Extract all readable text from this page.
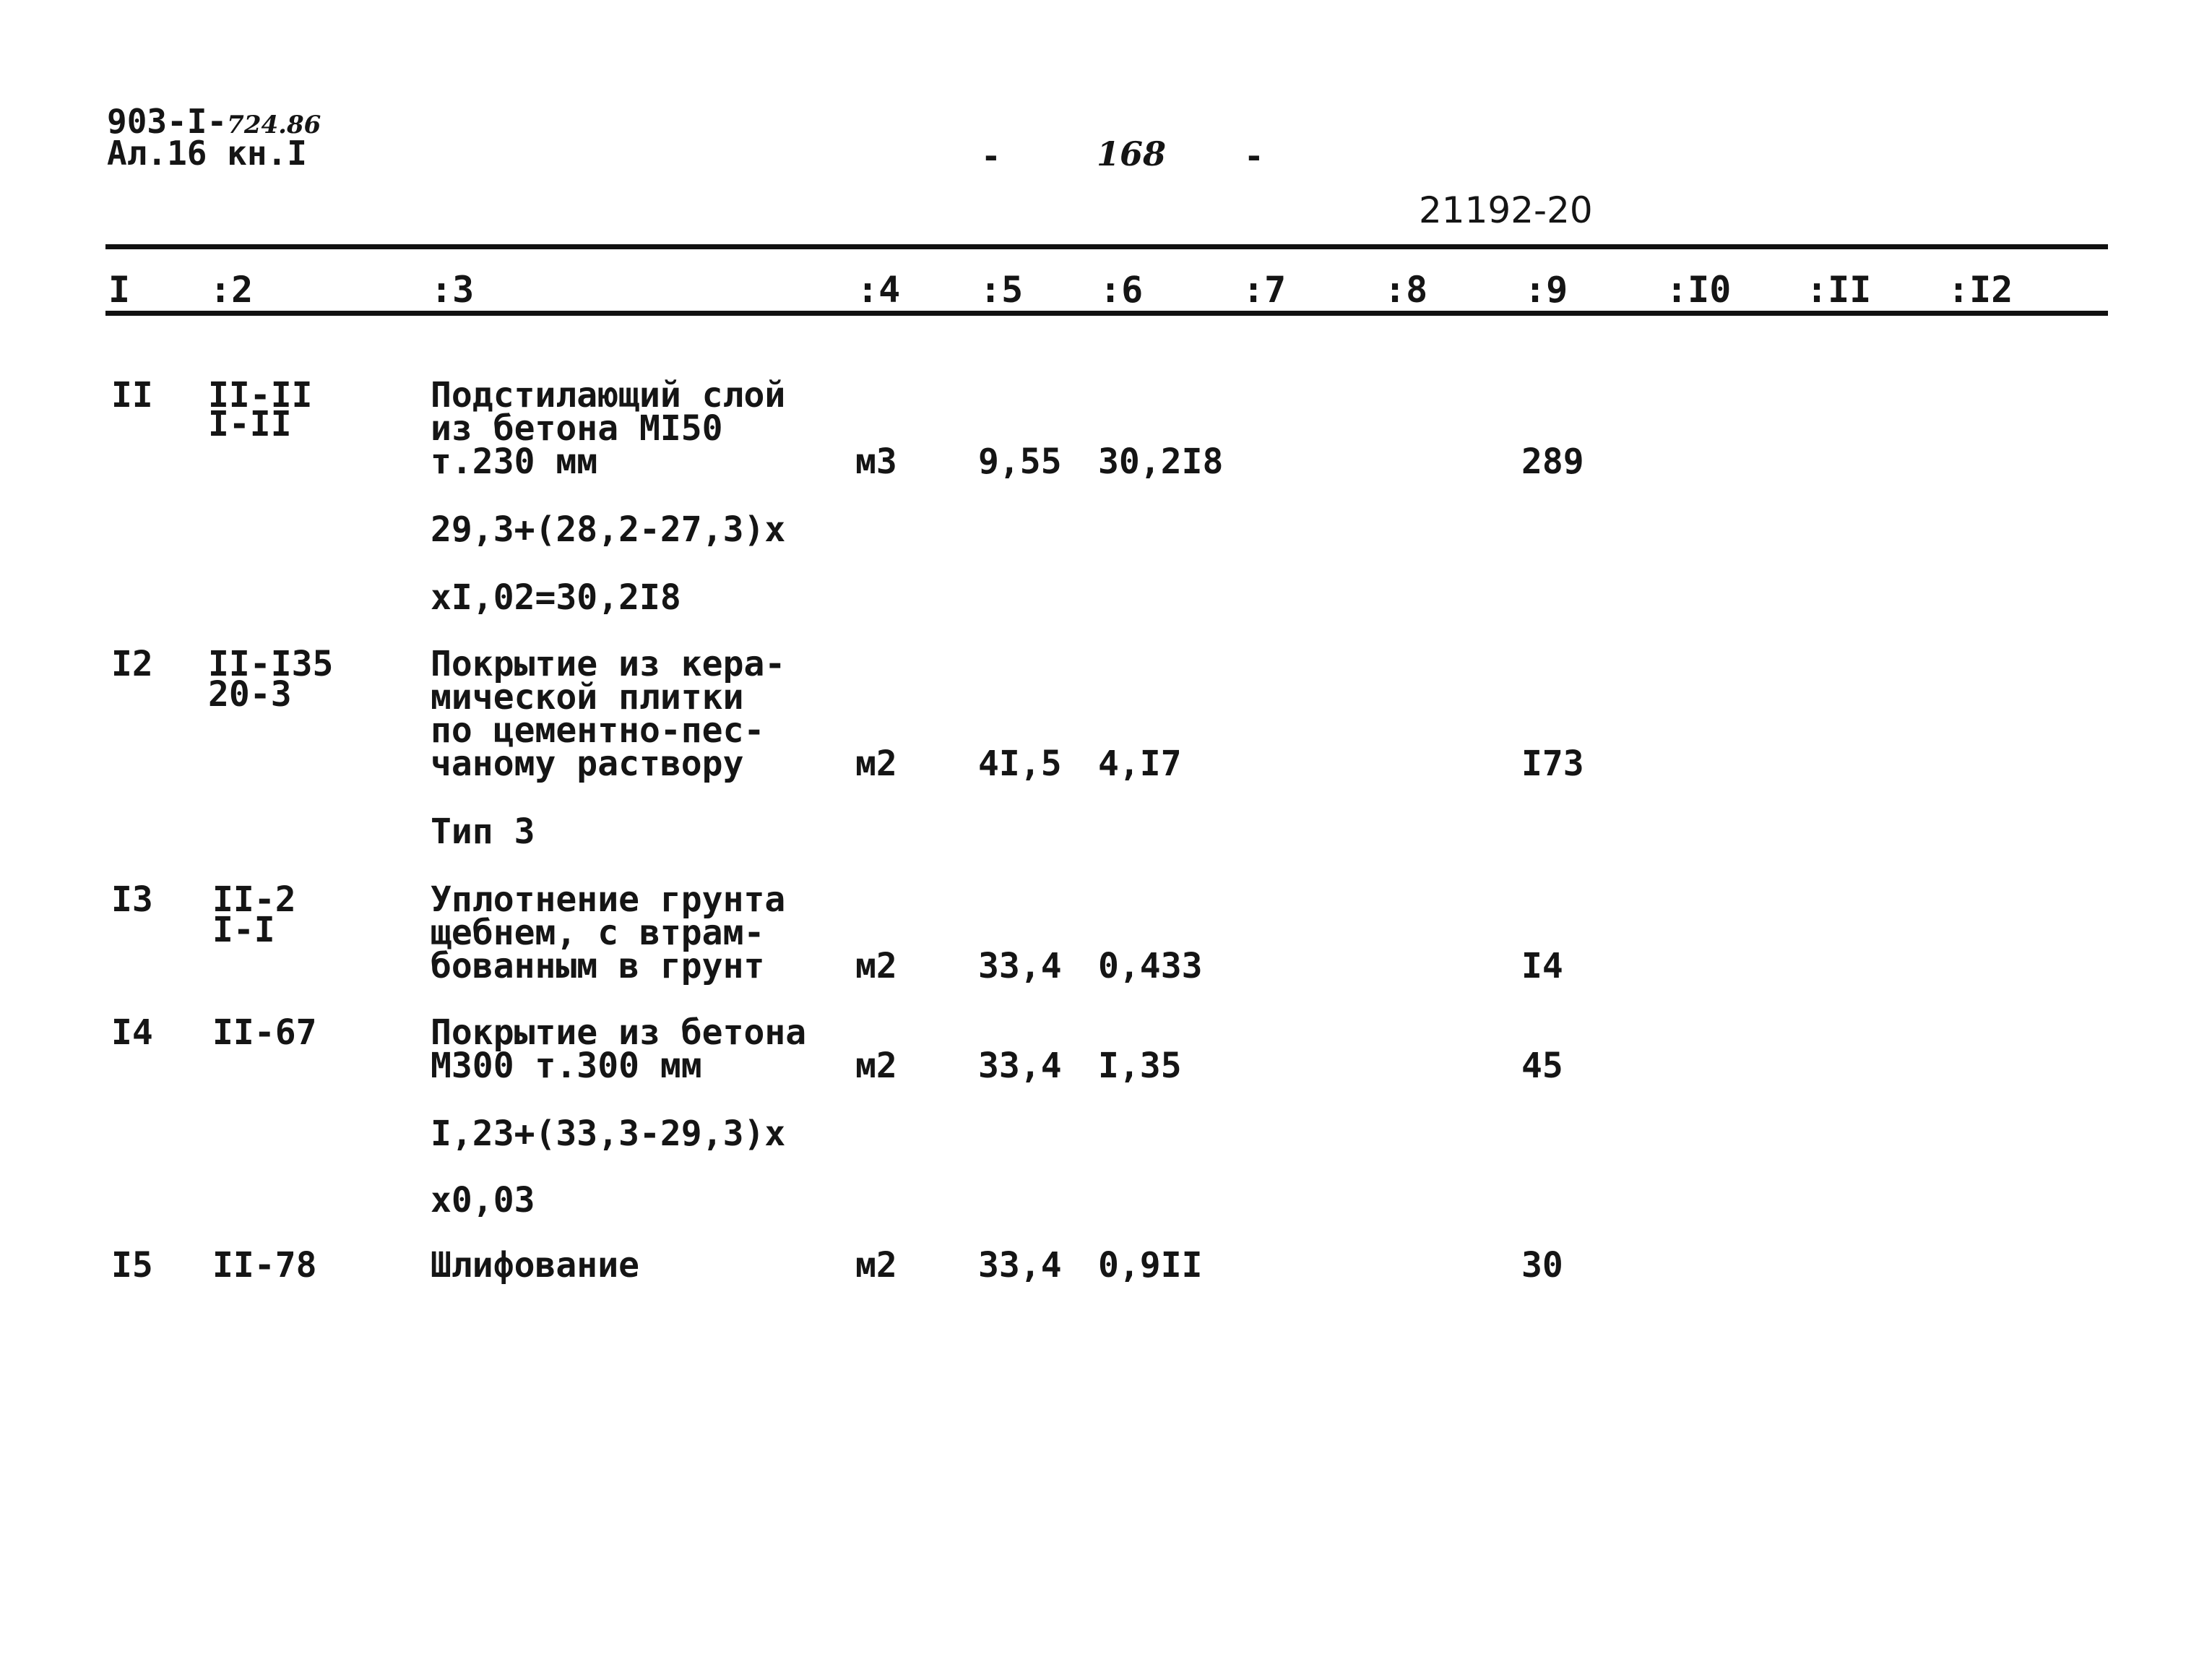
903-I-724.86
Ал.16 кн.I	-	168 -
21192-20
I :2	:3	:4 :5 :6	:7	:8	:9	:I0 :II :I2
II II-II
I-II
Подстилающий слой
из бетона МI50
т.230 мм	м3 9,55 30,2I8	289
29,3+(28,2-27,3)х
хI,02=30,2I8
I2 II-I35
20-3
Покрытие из кера-
мической плитки
по цементно-пес-
чаному раствору	м2 4I,5 4,I7	I73
Тип 3
I3 II-2
I-I
Уплотнение грунта
щебнем, с втрам-
бованным в грунт	м2 33,4 0,433	I4
I4 II-67	Покрытие из бетона
М300 т.300 мм	м2 33,4 I,35	45
I,23+(33,3-29,3)х
х0,03
I5 II-78	Шлифование	м2 33,4 0,9II	30
